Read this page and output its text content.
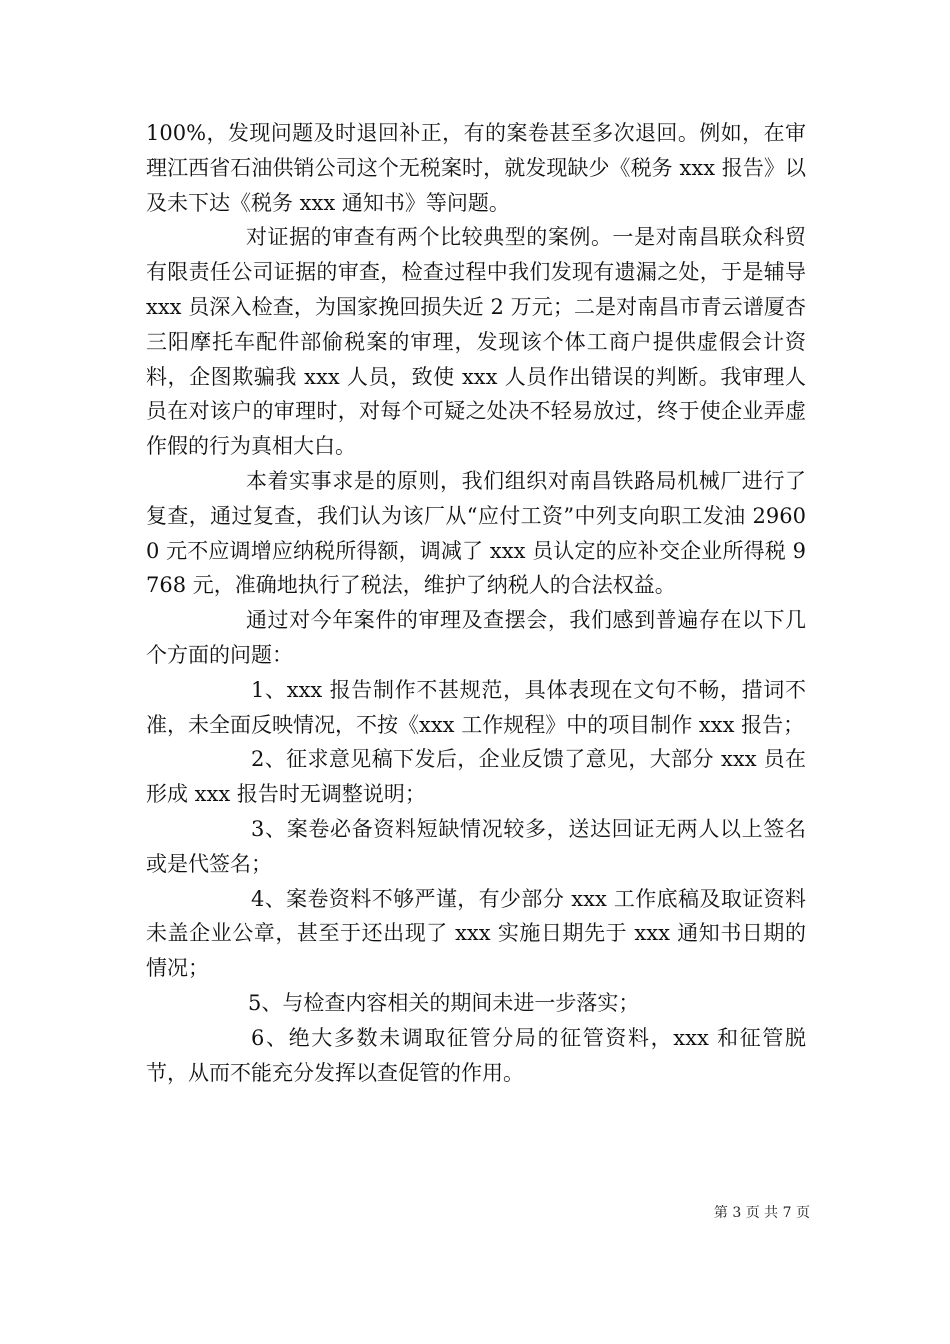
100%，发现问题及时退回补正，有的案卷甚至多次退回。例如，在审理江西省石油供销公司这个无税案时，就发现缺少《税务 xxx 报告》以及未下达《税务 xxx 通知书》等问题。

对证据的审查有两个比较典型的案例。一是对南昌联众科贸有限责任公司证据的审查，检查过程中我们发现有遗漏之处，于是辅导 xxx 员深入检查，为国家挽回损失近 2 万元；二是对南昌市青云谱厦杏三阳摩托车配件部偷税案的审理，发现该个体工商户提供虚假会计资料，企图欺骗我 xxx 人员，致使 xxx 人员作出错误的判断。我审理人员在对该户的审理时，对每个可疑之处决不轻易放过，终于使企业弄虚作假的行为真相大白。

本着实事求是的原则，我们组织对南昌铁路局机械厂进行了复查，通过复查，我们认为该厂从“应付工资”中列支向职工发油 29600 元不应调增应纳税所得额，调减了 xxx 员认定的应补交企业所得税 9768 元，准确地执行了税法，维护了纳税人的合法权益。

通过对今年案件的审理及查摆会，我们感到普遍存在以下几个方面的问题：

1、xxx 报告制作不甚规范，具体表现在文句不畅，措词不准，未全面反映情况，不按《xxx 工作规程》中的项目制作 xxx 报告；

2、征求意见稿下发后，企业反馈了意见，大部分 xxx 员在形成 xxx 报告时无调整说明；

3、案卷必备资料短缺情况较多，送达回证无两人以上签名或是代签名；

4、案卷资料不够严谨，有少部分 xxx 工作底稿及取证资料未盖企业公章，甚至于还出现了 xxx 实施日期先于 xxx 通知书日期的情况；

5、与检查内容相关的期间未进一步落实；

6、绝大多数未调取征管分局的征管资料，xxx 和征管脱节，从而不能充分发挥以查促管的作用。

第 3 页 共 7 页
